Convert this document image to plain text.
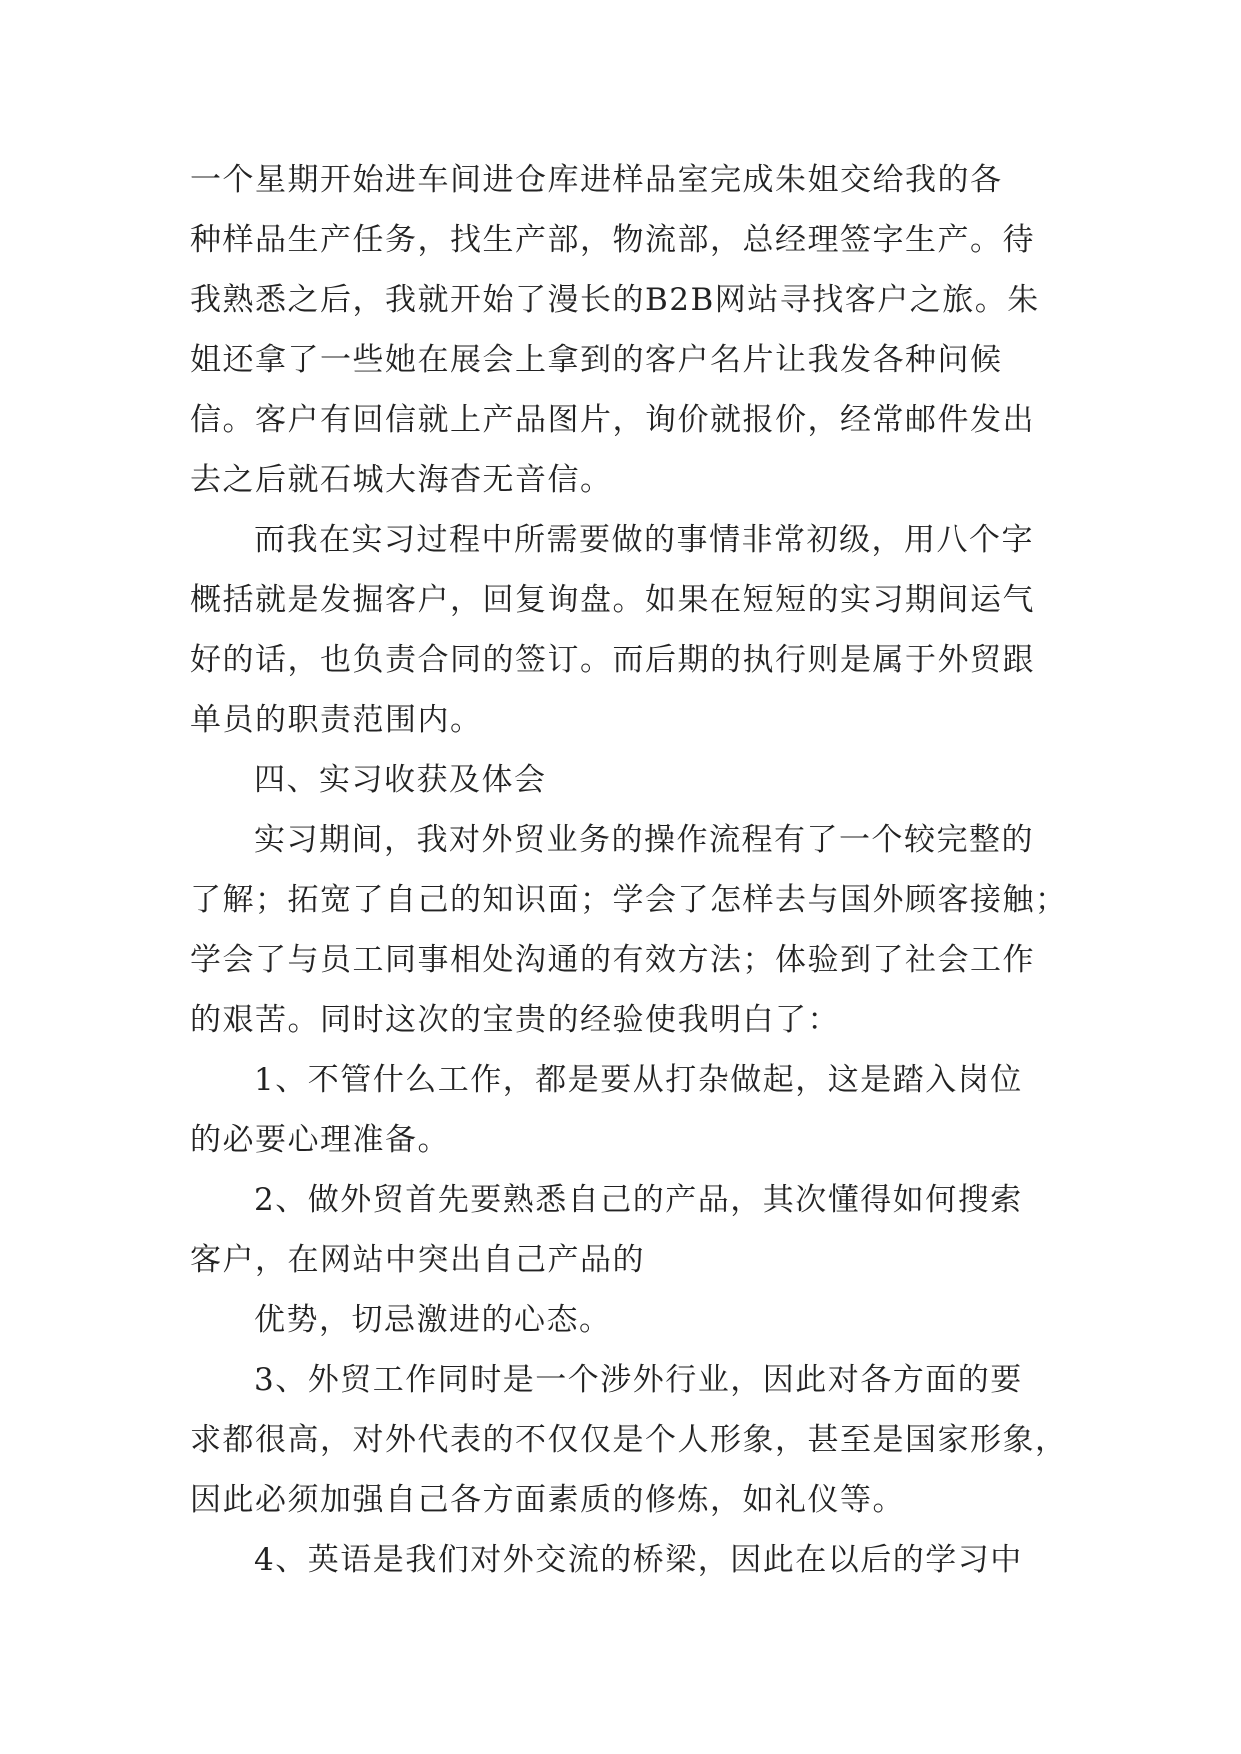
一个星期开始进车间进仓库进样品室完成朱姐交给我的各
种样品生产任务，找生产部，物流部，总经理签字生产。待
我熟悉之后，我就开始了漫长的B2B网站寻找客户之旅。朱
姐还拿了一些她在展会上拿到的客户名片让我发各种问候
信。客户有回信就上产品图片，询价就报价，经常邮件发出
去之后就石城大海杳无音信。
而我在实习过程中所需要做的事情非常初级，用八个字
概括就是发掘客户，回复询盘。如果在短短的实习期间运气
好的话，也负责合同的签订。而后期的执行则是属于外贸跟
单员的职责范围内。
四、实习收获及体会
实习期间，我对外贸业务的操作流程有了一个较完整的
了解；拓宽了自己的知识面；学会了怎样去与国外顾客接触；
学会了与员工同事相处沟通的有效方法；体验到了社会工作
的艰苦。同时这次的宝贵的经验使我明白了：
1、不管什么工作，都是要从打杂做起，这是踏入岗位
的必要心理准备。
2、做外贸首先要熟悉自己的产品，其次懂得如何搜索
客户，在网站中突出自己产品的
优势，切忌激进的心态。
3、外贸工作同时是一个涉外行业，因此对各方面的要
求都很高，对外代表的不仅仅是个人形象，甚至是国家形象，
因此必须加强自己各方面素质的修炼，如礼仪等。
4、英语是我们对外交流的桥梁，因此在以后的学习中
